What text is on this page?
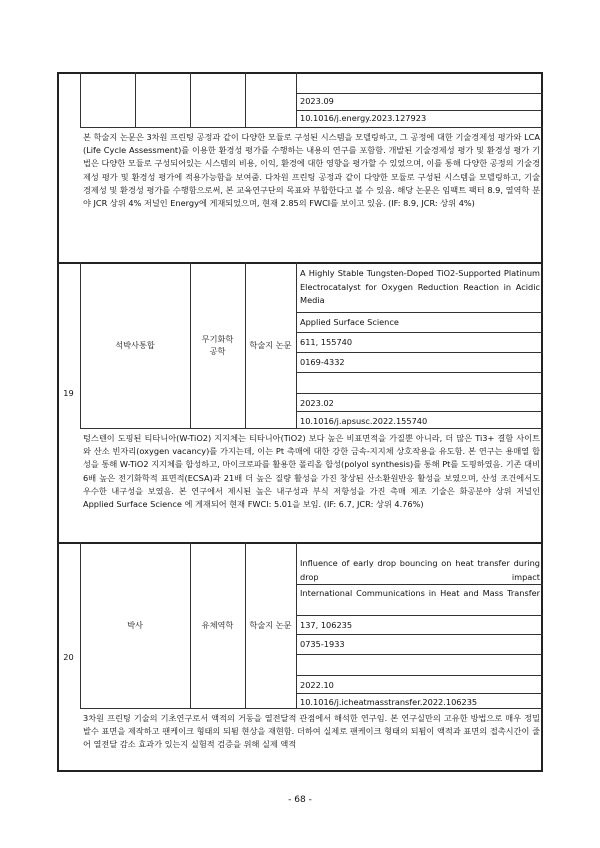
2023.09
10.1016/j.energy.2023.127923
본 학술지 논문은 3차원 프린팅 공정과 같이 다양한 모듈로 구성된 시스템을 모델링하고, 그 공정에 대한 기술경제성 평가와 LCA (Life Cycle Assessment)를 이용한 환경성 평가를 수행하는 내용의 연구를 포함함. 개발된 기술경제성 평가 및 환경성 평가 기법은 다양한 모듈로 구성되어있는 시스템의 비용, 이익, 환경에 대한 영향을 평가할 수 있었으며, 이를 통해 다양한 공정의 기술경제성 평가 및 환경성 평가에 적용가능함을 보여줌. 다차원 프린팅 공정과 같이 다양한 모듈로 구성된 시스템을 모델링하고, 기술경제성 및 환경성 평가를 수행함으로써, 본 교육연구단의 목표와 부합한다고 볼 수 있음. 해당 논문은 임팩트 팩터 8.9, 열역학 분야 JCR 상위 4% 저널인 Energy에 게재되었으며, 현재 2.85의 FWCI를 보이고 있음. (IF: 8.9, JCR: 상위 4%)
19
석박사통합
무기화학공학
학술지 논문
A Highly Stable Tungsten-Doped TiO2-Supported Platinum Electrocatalyst for Oxygen Reduction Reaction in Acidic Media
Applied Surface Science
611, 155740
0169-4332
2023.02
10.1016/j.apsusc.2022.155740
텅스텐이 도핑된 티타니아(W-TiO2) 지지체는 티타니아(TiO2) 보다 높은 비표면적을 가질뿐 아니라, 더 많은 Ti3+ 결함 사이트와 산소 빈자리(oxygen vacancy)를 가지는데, 이는 Pt 촉매에 대한 강한 금속-지지체 상호작용을 유도함. 본 연구는 용매열 합성을 통해 W-TiO2 지지체를 합성하고, 마이크로파를 활용한 폴리올 합성(polyol synthesis)를 통해 Pt를 도핑하였음. 기존 대비 6배 높은 전기화학적 표면적(ECSA)과 21배 더 높은 질량 활성을 가진 창상된 산소환원반응 활성을 보였으며, 산성 조건에서도 우수한 내구성을 보였음. 본 연구에서 제시된 높은 내구성과 부식 저항성을 가진 촉매 제조 기술은 화공분야 상위 저널인 Applied Surface Science 에 게재되어 현재 FWCI: 5.01을 보임. (IF: 6.7, JCR: 상위 4.76%)
20
박사	유체역학	학술지 논문
Influence of early drop bouncing on heat transfer during drop impact
International Communications in Heat and Mass Transfer
137, 106235
0735-1933
2022.10
10.1016/j.icheatmasstransfer.2022.106235
3차원 프린팅 기술의 기초연구로서 액적의 거동을 열전달적 관점에서 해석한 연구임. 본 연구실만의 고유한 방법으로 매우 정밀 발수 표면을 제작하고 팬케이크 형태의 되튐 현상을 재현함. 더하여 실제로 팬케이크 형태의 되튐이 액적과 표면의 접촉시간이 줄어 열전달 감소 효과가 있는지 실험적 검증을 위해 실제 액적
- 68 -
